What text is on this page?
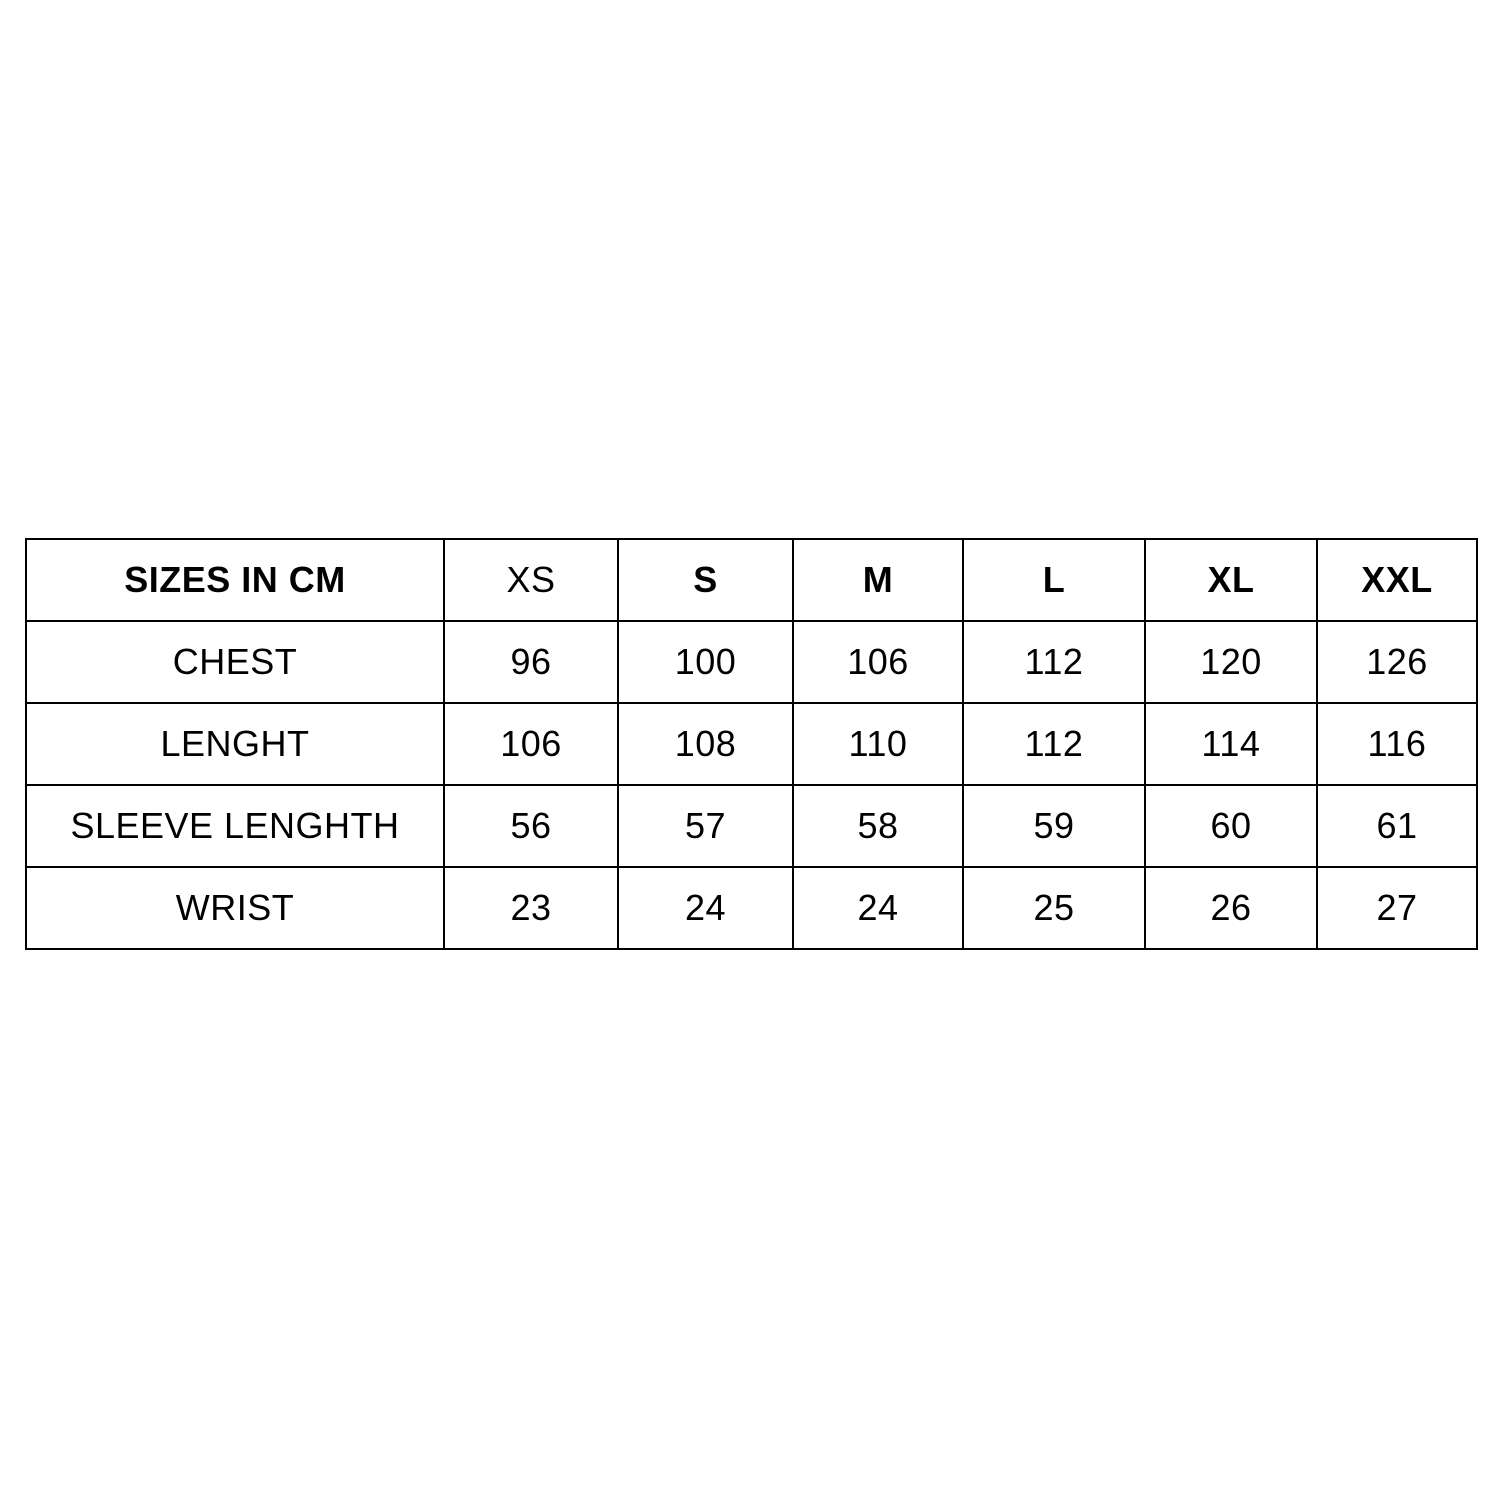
SIZES IN CM	XS	S	M	L	XL	XXL
CHEST	96	100	106	112	120	126
LENGHT	106	108	110	112	114	116
SLEEVE LENGHTH	56	57	58	59	60	61
WRIST	23	24	24	25	26	27
